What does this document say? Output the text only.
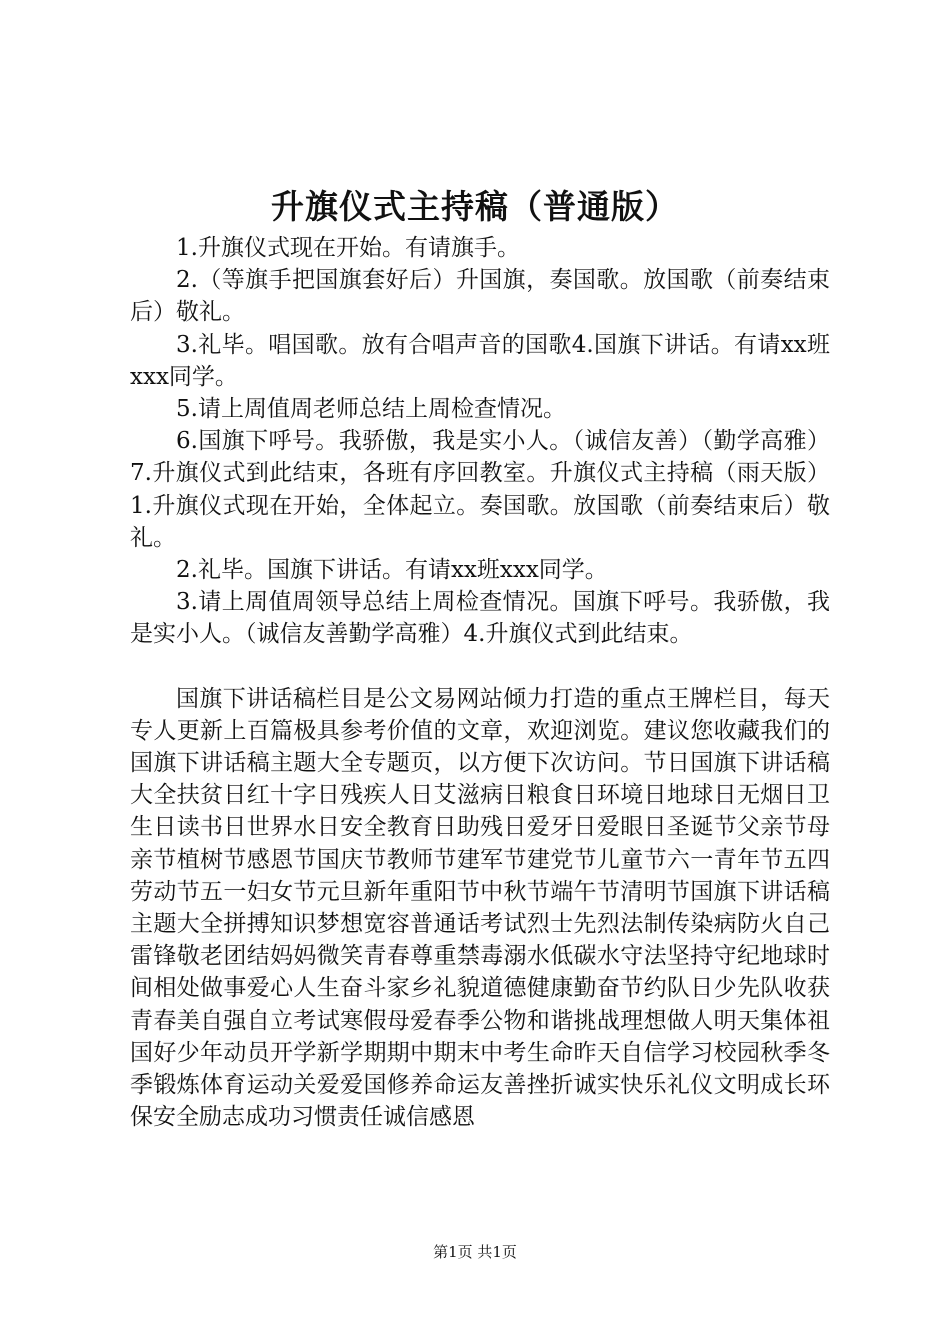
升旗仪式主持稿（普通版）

1.升旗仪式现在开始。有请旗手。

2.（等旗手把国旗套好后）升国旗，奏国歌。放国歌（前奏结束后）敬礼。

3.礼毕。唱国歌。放有合唱声音的国歌4.国旗下讲话。有请xx班xxx同学。

5.请上周值周老师总结上周检查情况。

6.国旗下呼号。我骄傲，我是实小人。（诚信友善）（勤学高雅）7.升旗仪式到此结束，各班有序回教室。升旗仪式主持稿（雨天版）1.升旗仪式现在开始，全体起立。奏国歌。放国歌（前奏结束后）敬礼。

2.礼毕。国旗下讲话。有请xx班xxx同学。

3.请上周值周领导总结上周检查情况。国旗下呼号。我骄傲，我是实小人。（诚信友善勤学高雅）4.升旗仪式到此结束。

国旗下讲话稿栏目是公文易网站倾力打造的重点王牌栏目，每天专人更新上百篇极具参考价值的文章，欢迎浏览。建议您收藏我们的国旗下讲话稿主题大全专题页，以方便下次访问。节日国旗下讲话稿大全扶贫日红十字日残疾人日艾滋病日粮食日环境日地球日无烟日卫生日读书日世界水日安全教育日助残日爱牙日爱眼日圣诞节父亲节母亲节植树节感恩节国庆节教师节建军节建党节儿童节六一青年节五四劳动节五一妇女节元旦新年重阳节中秋节端午节清明节国旗下讲话稿主题大全拼搏知识梦想宽容普通话考试烈士先烈法制传染病防火自己雷锋敬老团结妈妈微笑青春尊重禁毒溺水低碳水守法坚持守纪地球时间相处做事爱心人生奋斗家乡礼貌道德健康勤奋节约队日少先队收获青春美自强自立考试寒假母爱春季公物和谐挑战理想做人明天集体祖国好少年动员开学新学期期中期末中考生命昨天自信学习校园秋季冬季锻炼体育运动关爱爱国修养命运友善挫折诚实快乐礼仪文明成长环保安全励志成功习惯责任诚信感恩

第1页 共1页
